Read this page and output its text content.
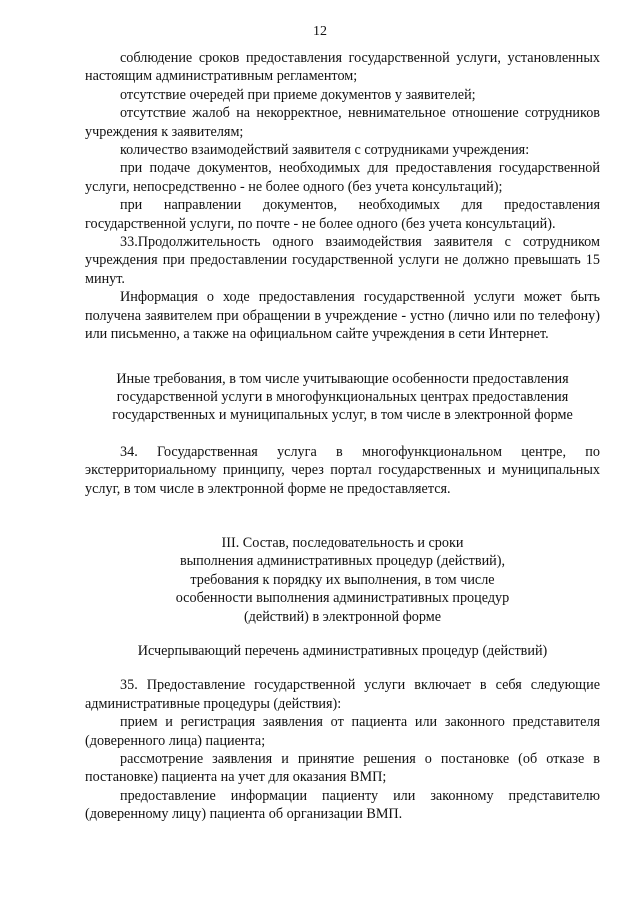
12

соблюдение сроков предоставления государственной услуги, установленных настоящим административным регламентом;

отсутствие очередей при приеме документов у заявителей;

отсутствие жалоб на некорректное, невнимательное отношение сотрудников учреждения к заявителям;

количество взаимодействий заявителя с сотрудниками учреждения:

при подаче документов, необходимых для предоставления государственной услуги, непосредственно - не более одного (без учета консультаций);

при направлении документов, необходимых для предоставления государственной услуги, по почте - не более одного (без учета консультаций).

33.Продолжительность одного взаимодействия заявителя с сотрудником учреждения при предоставлении государственной услуги не должно превышать 15 минут.

Информация о ходе предоставления государственной услуги может быть получена заявителем при обращении в учреждение - устно (лично или по телефону) или письменно, а также на официальном сайте учреждения в сети Интернет.

Иные требования, в том числе учитывающие особенности предоставления

государственной услуги в многофункциональных центрах предоставления

государственных и муниципальных услуг, в том числе в электронной форме

34. Государственная услуга в многофункциональном центре, по экстерриториальному принципу, через портал государственных и муниципальных услуг, в том числе в электронной форме не предоставляется.

III. Состав, последовательность и сроки

выполнения административных процедур (действий),

требования к порядку их выполнения, в том числе

особенности выполнения административных процедур

(действий) в электронной форме

Исчерпывающий перечень административных процедур (действий)

35. Предоставление государственной услуги включает в себя следующие административные процедуры (действия):

прием и регистрация заявления от пациента или законного представителя (доверенного лица) пациента;

рассмотрение заявления и принятие решения о постановке (об отказе в постановке) пациента на учет для оказания ВМП;

предоставление информации пациенту или законному представителю (доверенному лицу) пациента об организации ВМП.
